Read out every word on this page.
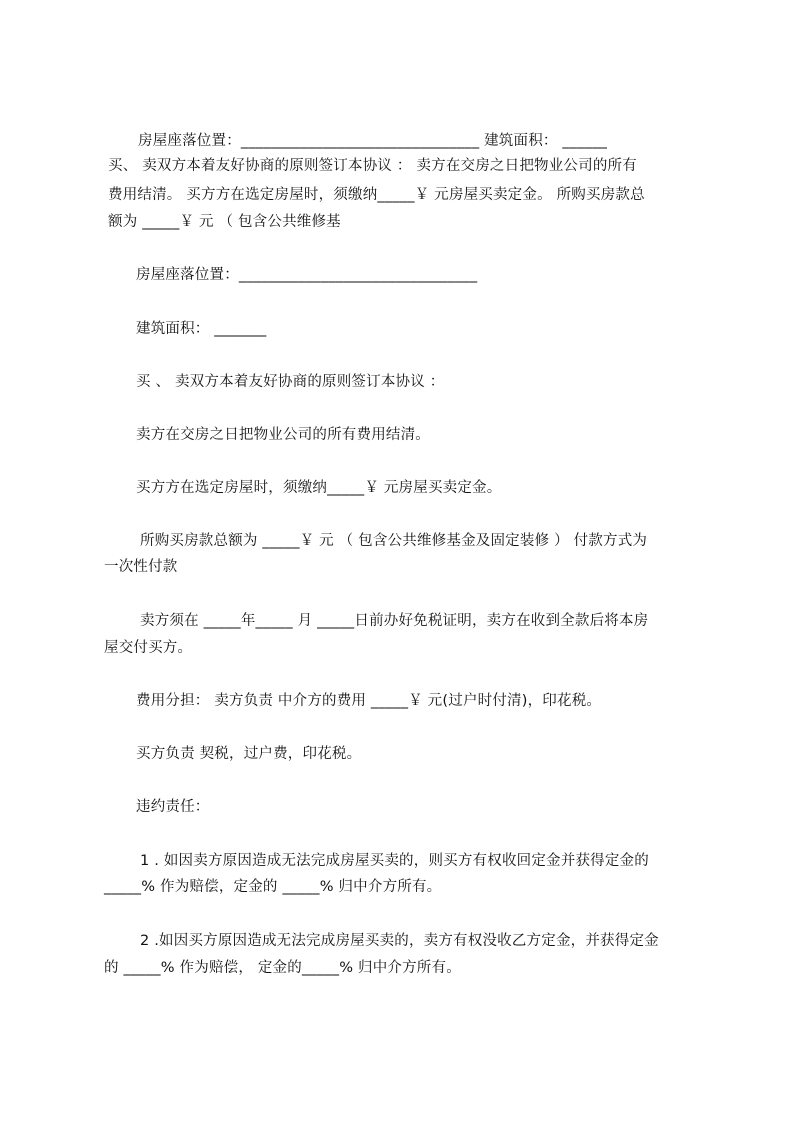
房屋座落位置：________________________________ 建筑面积： ______
买、 卖双方本着友好协商的原则签订本协议 ： 卖方在交房之日把物业公司的所有
费用结清。 买方方在选定房屋时，须缴纳_____￥ 元房屋买卖定金。 所购买房款总
额为 _____￥ 元 （ 包含公共维修基
房屋座落位置：________________________________
建筑面积： _______
买 、 卖双方本着友好协商的原则签订本协议 ：
卖方在交房之日把物业公司的所有费用结清。
买方方在选定房屋时，须缴纳_____￥ 元房屋买卖定金。
所购买房款总额为 _____￥ 元 （ 包含公共维修基金及固定装修 ） 付款方式为
一次性付款
卖方须在 _____年_____ 月 _____日前办好免税证明，卖方在收到全款后将本房
屋交付买方。
费用分担： 卖方负责 中介方的费用 _____￥ 元(过户时付清)，印花税。
买方负责 契税，过户费，印花税。
违约责任：
1 . 如因卖方原因造成无法完成房屋买卖的，则买方有权收回定金并获得定金的
_____% 作为赔偿，定金的 _____% 归中介方所有。
2 .如因买方原因造成无法完成房屋买卖的，卖方有权没收乙方定金，并获得定金
的 _____% 作为赔偿， 定金的_____% 归中介方所有。
